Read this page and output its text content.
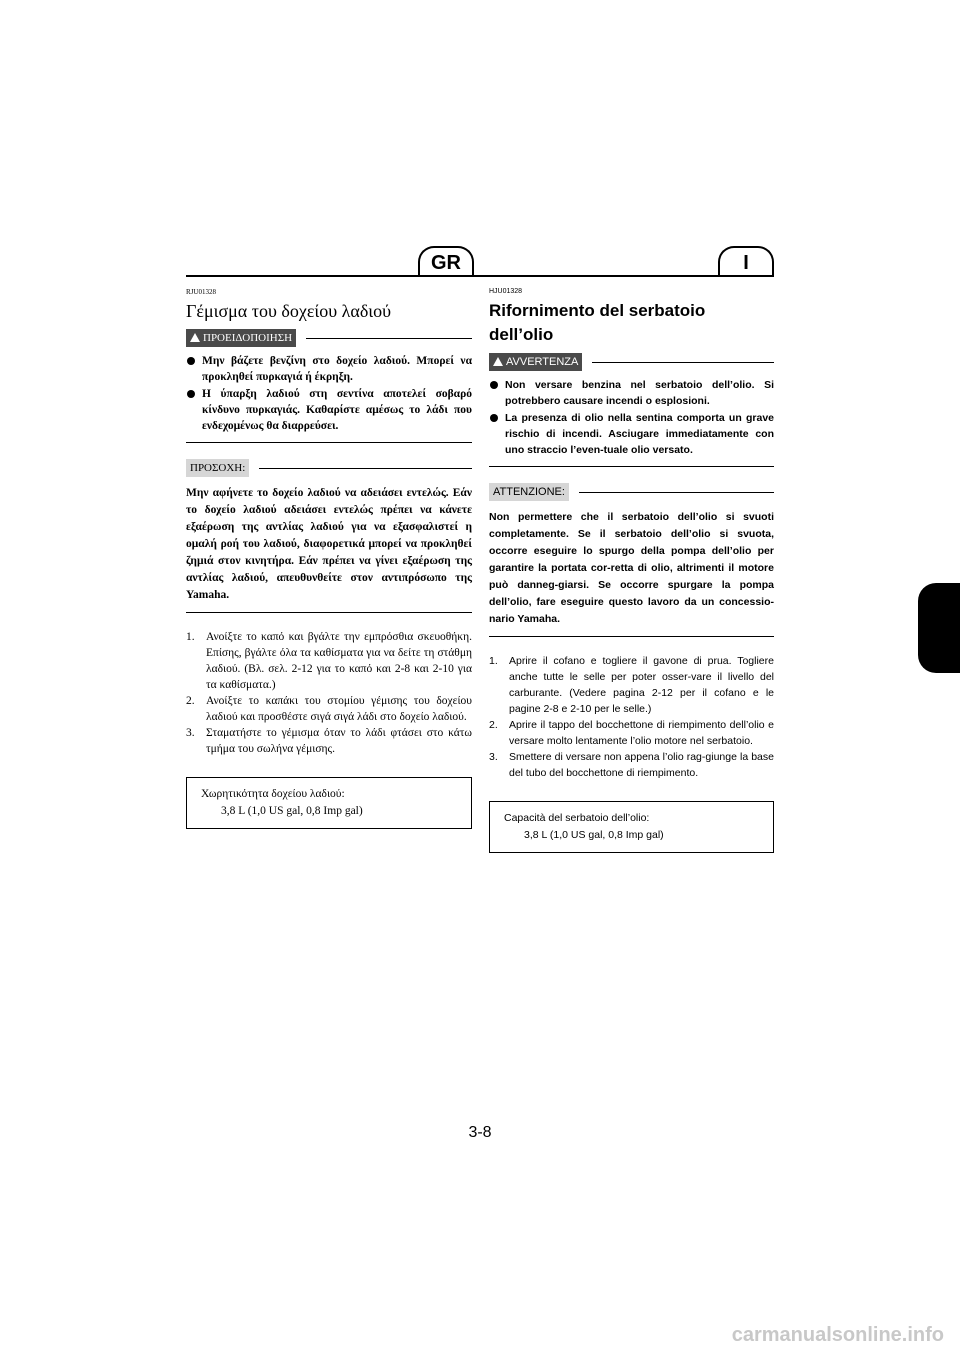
GR	I

RJU01328

Γέμισμα του δοχείου λαδιού
ΠΡΟΕΙΔΟΠΟΙΗΣΗ
Μην βάζετε βενζίνη στο δοχείο λαδιού. Μπορεί να προκληθεί πυρκαγιά ή έκρηξη.
Η ύπαρξη λαδιού στη σεντίνα αποτελεί σοβαρό κίνδυνο πυρκαγιάς. Καθαρίστε αμέσως το λάδι που ενδεχομένως θα διαρρεύσει.
ΠΡΟΣΟΧΗ:

Μην αφήνετε το δοχείο λαδιού να αδειάσει εντελώς. Εάν το δοχείο λαδιού αδειάσει εντελώς πρέπει να κάνετε εξαέρωση της αντλίας λαδιού για να εξασφαλιστεί η ομαλή ροή του λαδιού, διαφορετικά μπορεί να προκληθεί ζημιά στον κινητήρα. Εάν πρέπει να γίνει εξαέρωση της αντλίας λαδιού, απευθυνθείτε στον αντιπρόσωπο της Yamaha.

1. Ανοίξτε το καπό και βγάλτε την εμπρόσθια σκευοθήκη. Επίσης, βγάλτε όλα τα καθίσματα για να δείτε τη στάθμη λαδιού. (Βλ. σελ. 2-12 για το καπό και 2-8 και 2-10 για τα καθίσματα.)
2. Ανοίξτε το καπάκι του στομίου γέμισης του δοχείου λαδιού και προσθέστε σιγά σιγά λάδι στο δοχείο λαδιού.
3. Σταματήστε το γέμισμα όταν το λάδι φτάσει στο κάτω τμήμα του σωλήνα γέμισης.
Χωρητικότητα δοχείου λαδιού:
3,8 L (1,0 US gal, 0,8 Imp gal)

HJU01328

Rifornimento del serbatoio dell’olio
AVVERTENZA
Non versare benzina nel serbatoio dell’olio. Si potrebbero causare incendi o esplosioni.
La presenza di olio nella sentina comporta un grave rischio di incendi. Asciugare immediatamente con uno straccio l’even-tuale olio versato.
ATTENZIONE:

Non permettere che il serbatoio dell’olio si svuoti completamente. Se il serbatoio dell’olio si svuota, occorre eseguire lo spurgo della pompa dell’olio per garantire la portata cor-retta di olio, altrimenti il motore può danneg-giarsi. Se occorre spurgare la pompa dell’olio, fare eseguire questo lavoro da un concessio-nario Yamaha.

1. Aprire il cofano e togliere il gavone di prua. Togliere anche tutte le selle per poter osser-vare il livello del carburante. (Vedere pagina 2-12 per il cofano e le pagine 2-8 e 2-10 per le selle.)
2. Aprire il tappo del bocchettone di riempimento dell’olio e versare molto lentamente l’olio motore nel serbatoio.
3. Smettere di versare non appena l’olio rag-giunge la base del tubo del bocchettone di riempimento.
Capacità del serbatoio dell’olio:
3,8 L (1,0 US gal, 0,8 Imp gal)
3-8
carmanualsonline.info
